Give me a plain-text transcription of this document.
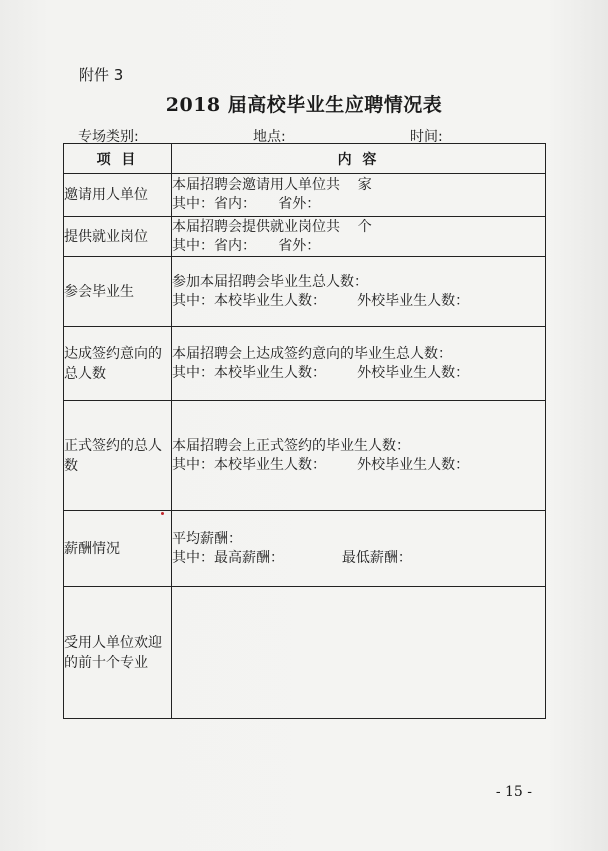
附件 3
2018 届高校毕业生应聘情况表
专场类别:	地点:	时间:
项 目	内 容
邀请用人单位	本届招聘会邀请用人单位共    家
其中：省内：     省外：

提供就业岗位	本届招聘会提供就业岗位共    个
其中：省内：     省外：

参会毕业生	参加本届招聘会毕业生总人数：
其中：本校毕业生人数：       外校毕业生人数：

达成签约意向的总人数	本届招聘会上达成签约意向的毕业生总人数：
其中：本校毕业生人数：       外校毕业生人数：

正式签约的总人数	本届招聘会上正式签约的毕业生人数：
其中：本校毕业生人数：       外校毕业生人数：

薪酬情况	平均薪酬：
其中：最高薪酬：             最低薪酬：

受用人单位欢迎的前十个专业	
- 15 -
